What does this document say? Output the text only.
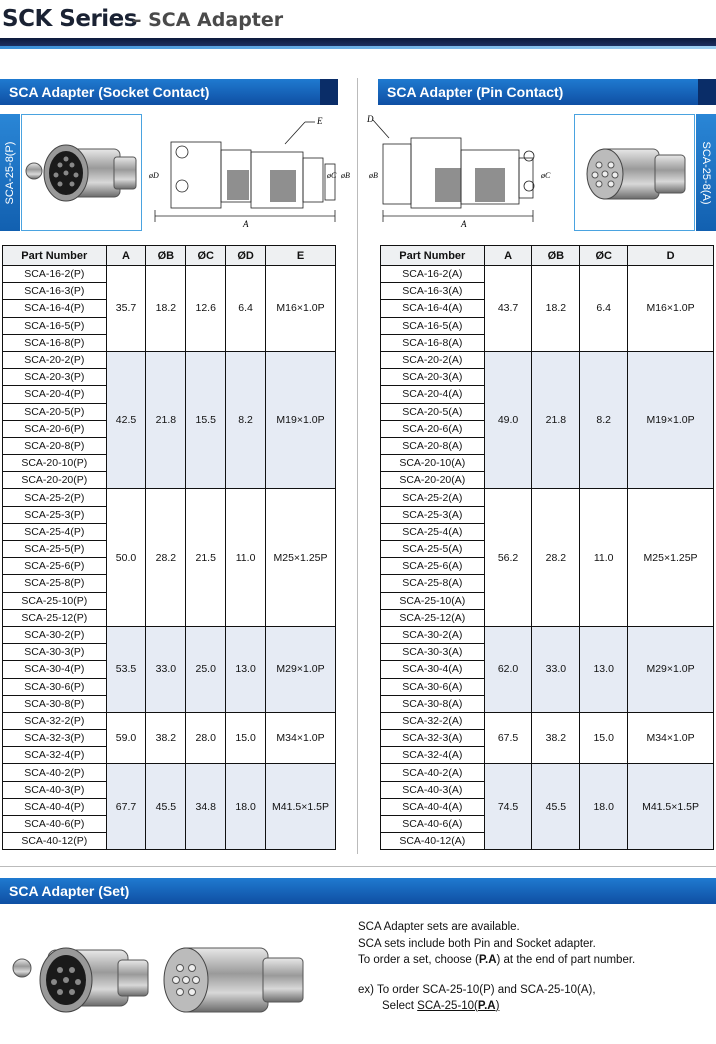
SCK Series
– SCA Adapter
SCA Adapter (Socket Contact)
SCA-25-8(P)
A
øB
øC
øD
E
Part Number	A	ØB	ØC	ØD	E
SCA-16-2(P)	35.7	18.2	12.6	6.4	M16×1.0P
SCA-16-3(P)					
SCA-16-4(P)					
SCA-16-5(P)					
SCA-16-8(P)					
SCA-20-2(P)	42.5	21.8	15.5	8.2	M19×1.0P
SCA-20-3(P)					
SCA-20-4(P)					
SCA-20-5(P)					
SCA-20-6(P)					
SCA-20-8(P)					
SCA-20-10(P)					
SCA-20-20(P)					
SCA-25-2(P)	50.0	28.2	21.5	11.0	M25×1.25P
SCA-25-3(P)					
SCA-25-4(P)					
SCA-25-5(P)					
SCA-25-6(P)					
SCA-25-8(P)					
SCA-25-10(P)					
SCA-25-12(P)					
SCA-30-2(P)	53.5	33.0	25.0	13.0	M29×1.0P
SCA-30-3(P)					
SCA-30-4(P)					
SCA-30-6(P)					
SCA-30-8(P)					
SCA-32-2(P)	59.0	38.2	28.0	15.0	M34×1.0P
SCA-32-3(P)					
SCA-32-4(P)					
SCA-40-2(P)	67.7	45.5	34.8	18.0	M41.5×1.5P
SCA-40-3(P)					
SCA-40-4(P)					
SCA-40-6(P)					
SCA-40-12(P)					
SCA Adapter (Pin Contact)
A
øB	øC
D
SCA-25-8(A)
Part Number	A	ØB	ØC	D
SCA-16-2(A)	43.7	18.2	6.4	M16×1.0P
SCA-16-3(A)				
SCA-16-4(A)				
SCA-16-5(A)				
SCA-16-8(A)				
SCA-20-2(A)	49.0	21.8	8.2	M19×1.0P
SCA-20-3(A)				
SCA-20-4(A)				
SCA-20-5(A)				
SCA-20-6(A)				
SCA-20-8(A)				
SCA-20-10(A)				
SCA-20-20(A)				
SCA-25-2(A)	56.2	28.2	11.0	M25×1.25P
SCA-25-3(A)				
SCA-25-4(A)				
SCA-25-5(A)				
SCA-25-6(A)				
SCA-25-8(A)				
SCA-25-10(A)				
SCA-25-12(A)				
SCA-30-2(A)	62.0	33.0	13.0	M29×1.0P
SCA-30-3(A)				
SCA-30-4(A)				
SCA-30-6(A)				
SCA-30-8(A)				
SCA-32-2(A)	67.5	38.2	15.0	M34×1.0P
SCA-32-3(A)				
SCA-32-4(A)				
SCA-40-2(A)	74.5	45.5	18.0	M41.5×1.5P
SCA-40-3(A)				
SCA-40-4(A)				
SCA-40-6(A)				
SCA-40-12(A)				
SCA Adapter (Set)
SCA Adapter sets are available.
SCA sets include both Pin and Socket adapter.
To order a set, choose (P.A) at the end of part number.
ex) To order SCA-25-10(P) and SCA-25-10(A),
Select SCA-25-10(P.A)
